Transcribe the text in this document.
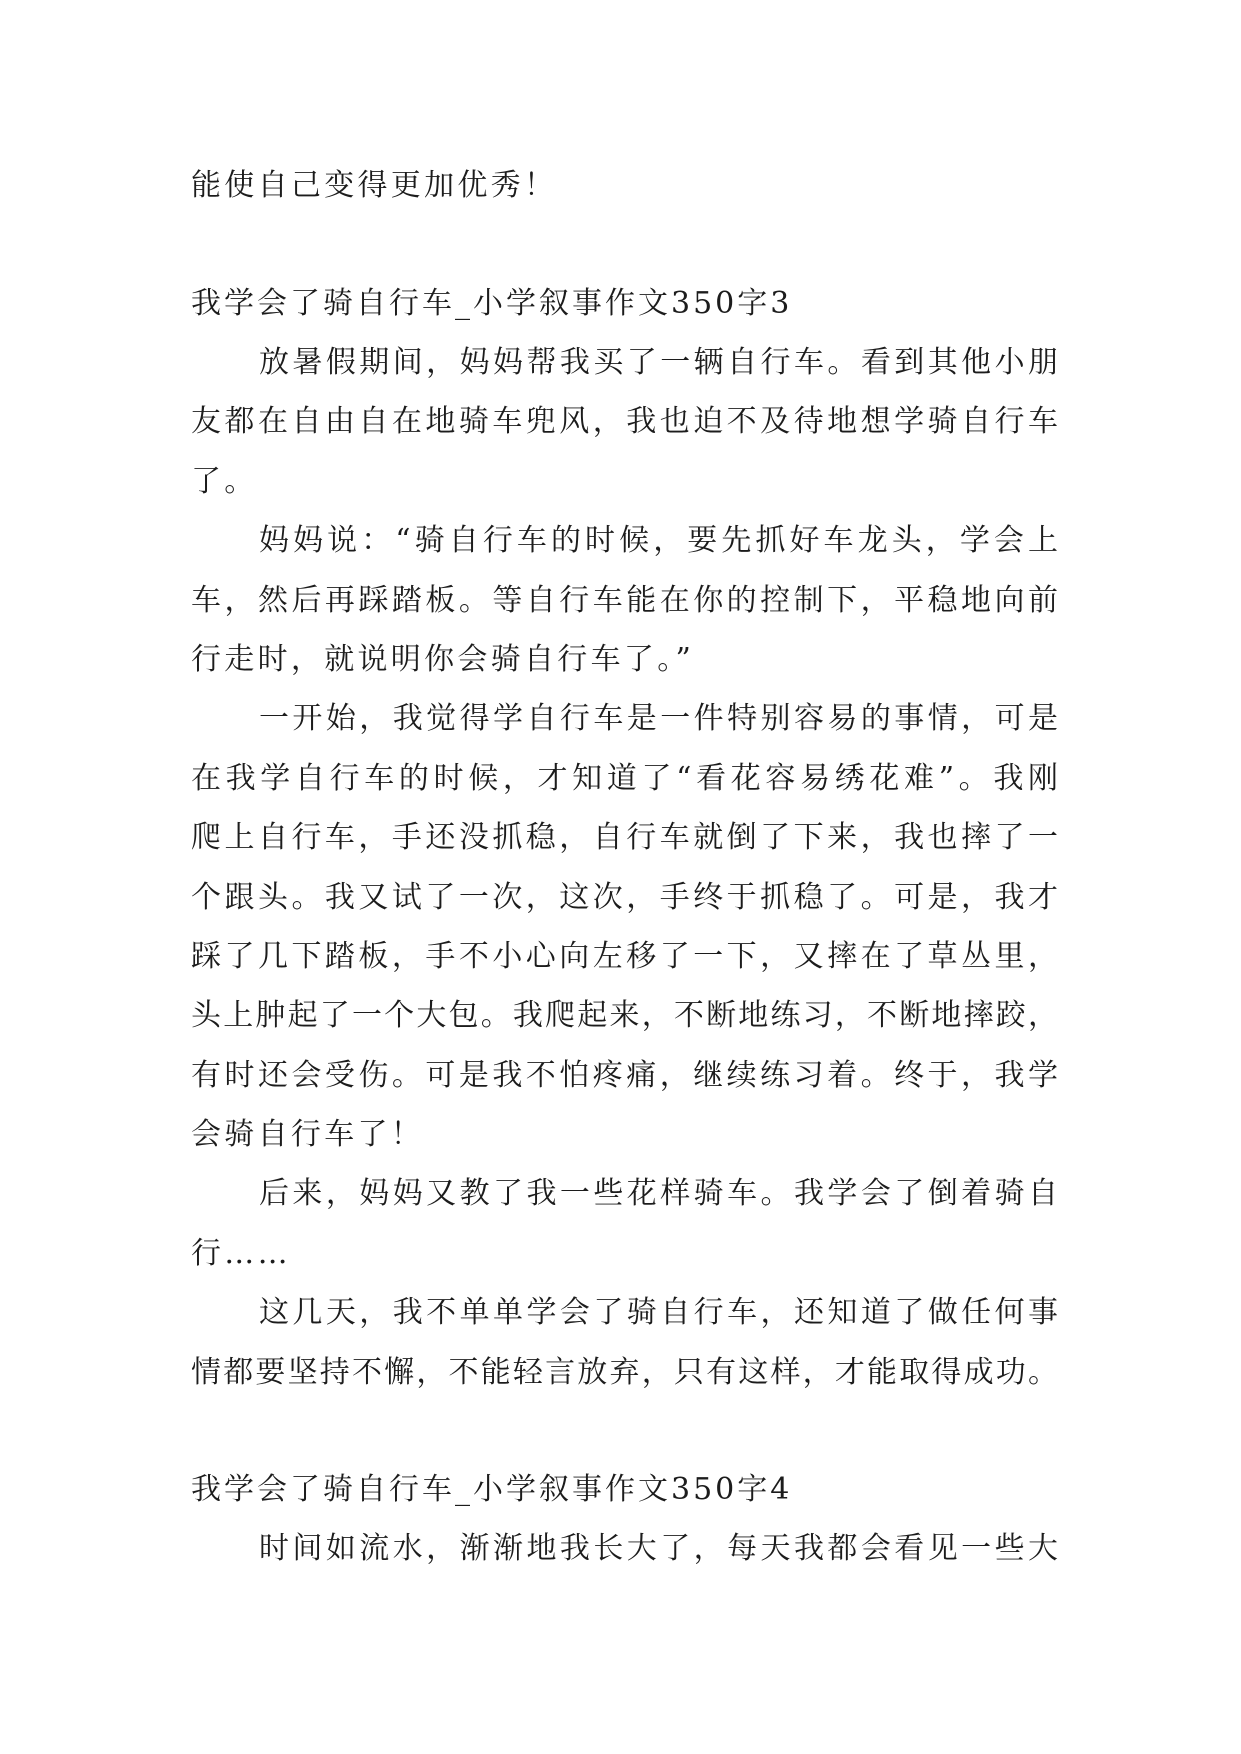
能使自己变得更加优秀！
我学会了骑自行车_小学叙事作文350字3
放暑假期间，妈妈帮我买了一辆自行车。看到其他小朋
友都在自由自在地骑车兜风，我也迫不及待地想学骑自行车
了。
妈妈说：“骑自行车的时候，要先抓好车龙头，学会上
车，然后再踩踏板。等自行车能在你的控制下，平稳地向前
行走时，就说明你会骑自行车了。”
一开始，我觉得学自行车是一件特别容易的事情，可是
在我学自行车的时候，才知道了“看花容易绣花难”。我刚
爬上自行车，手还没抓稳，自行车就倒了下来，我也摔了一
个跟头。我又试了一次，这次，手终于抓稳了。可是，我才
踩了几下踏板，手不小心向左移了一下，又摔在了草丛里，
头上肿起了一个大包。我爬起来，不断地练习，不断地摔跤，
有时还会受伤。可是我不怕疼痛，继续练习着。终于，我学
会骑自行车了！
后来，妈妈又教了我一些花样骑车。我学会了倒着骑自
行……
这几天，我不单单学会了骑自行车，还知道了做任何事
情都要坚持不懈，不能轻言放弃，只有这样，才能取得成功。
我学会了骑自行车_小学叙事作文350字4
时间如流水，渐渐地我长大了，每天我都会看见一些大
